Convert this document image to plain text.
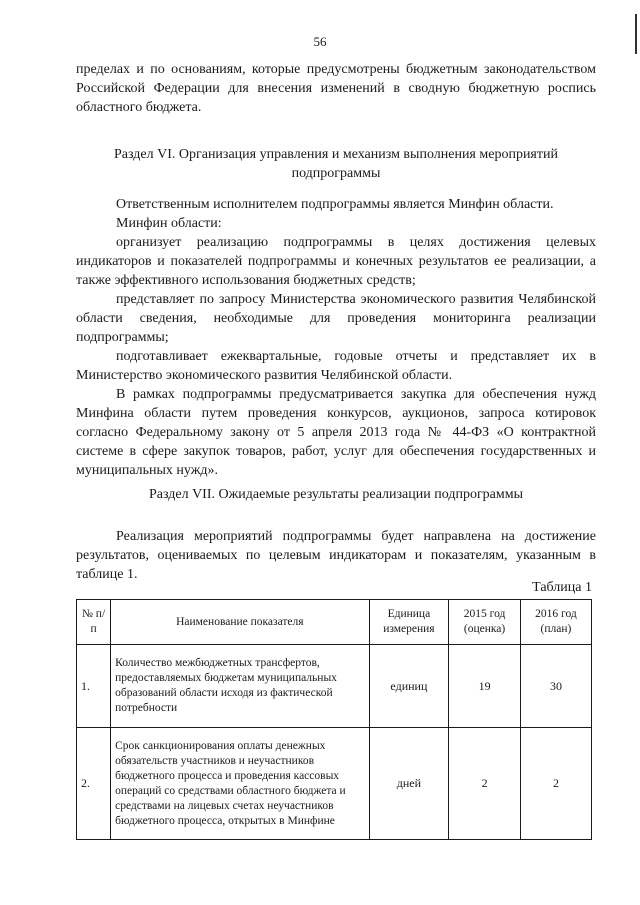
56

пределах и по основаниям, которые предусмотрены бюджетным законодательством Российской Федерации для внесения изменений в сводную бюджетную роспись областного бюджета.

Раздел VI. Организация управления и механизм выполнения мероприятий подпрограммы

Ответственным исполнителем подпрограммы является Минфин области.

Минфин области:

организует реализацию подпрограммы в целях достижения целевых индикаторов и показателей подпрограммы и конечных результатов ее реализации, а также эффективного использования бюджетных средств;

представляет по запросу Министерства экономического развития Челябинской области сведения, необходимые для проведения мониторинга реализации подпрограммы;

подготавливает ежеквартальные, годовые отчеты и представляет их в Министерство экономического развития Челябинской области.

В рамках подпрограммы предусматривается закупка для обеспечения нужд Минфина области путем проведения конкурсов, аукционов, запроса котировок согласно Федеральному закону от 5 апреля 2013 года № 44-ФЗ «О контрактной системе в сфере закупок товаров, работ, услуг для обеспечения государственных и муниципальных нужд».

Раздел VII. Ожидаемые результаты реализации подпрограммы

Реализация мероприятий подпрограммы будет направлена на достижение результатов, оцениваемых по целевым индикаторам и показателям, указанным в таблице 1.

Таблица 1
№ п/п	Наименование показателя	Единица измерения	2015 год (оценка)	2016 год (план)
1.	Количество межбюджетных трансфертов, предоставляемых бюджетам муниципальных образований области исходя из фактической потребности	единиц	19	30
2.	Срок санкционирования оплаты денежных обязательств участников и неучастников бюджетного процесса и проведения кассовых операций со средствами областного бюджета и средствами на лицевых счетах неучастников бюджетного процесса, открытых в Минфине	дней	2	2
